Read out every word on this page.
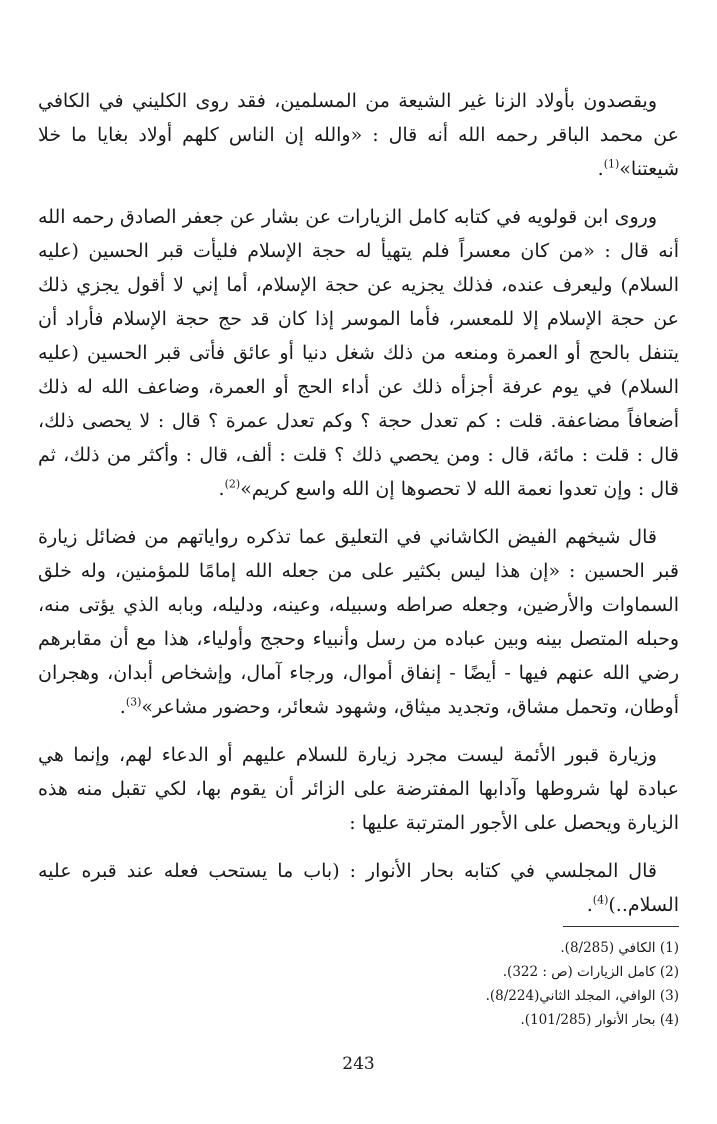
ويقصدون بأولاد الزنا غير الشيعة من المسلمين، فقد روى الكليني في الكافي عن محمد الباقر رحمه الله أنه قال : «والله إن الناس كلهم أولاد بغايا ما خلا شيعتنا»$^{(1)}$.

وروى ابن قولويه في كتابه كامل الزيارات عن بشار عن جعفر الصادق رحمه الله أنه قال : «من كان معسراً فلم يتهيأ له حجة الإسلام فليأت قبر الحسين (عليه السلام) وليعرف عنده، فذلك يجزيه عن حجة الإسلام، أما إني لا أقول يجزي ذلك عن حجة الإسلام إلا للمعسر، فأما الموسر إذا كان قد حج حجة الإسلام فأراد أن يتنفل بالحج أو العمرة ومنعه من ذلك شغل دنيا أو عائق فأتى قبر الحسين (عليه السلام) في يوم عرفة أجزأه ذلك عن أداء الحج أو العمرة، وضاعف الله له ذلك أضعافاً مضاعفة. قلت : كم تعدل حجة ؟ وكم تعدل عمرة ؟ قال : لا يحصى ذلك، قال : قلت : مائة، قال : ومن يحصي ذلك ؟ قلت : ألف، قال : وأكثر من ذلك، ثم قال : وإن تعدوا نعمة الله لا تحصوها إن الله واسع كريم»$^{(2)}$.

قال شيخهم الفيض الكاشاني في التعليق عما تذكره رواياتهم من فضائل زيارة قبر الحسين : «إن هذا ليس بكثير على من جعله الله إمامًا للمؤمنين، وله خلق السماوات والأرضين، وجعله صراطه وسبيله، وعينه، ودليله، وبابه الذي يؤتى منه، وحبله المتصل بينه وبين عباده من رسل وأنبياء وحجج وأولياء، هذا مع أن مقابرهم رضي الله عنهم فيها - أيضًا - إنفاق أموال، ورجاء آمال، وإشخاص أبدان، وهجران أوطان، وتحمل مشاق، وتجديد ميثاق، وشهود شعائر، وحضور مشاعر»$^{(3)}$.

وزيارة قبور الأئمة ليست مجرد زيارة للسلام عليهم أو الدعاء لهم، وإنما هي عبادة لها شروطها وآدابها المفترضة على الزائر أن يقوم بها، لكي تقبل منه هذه الزيارة ويحصل على الأجور المترتبة عليها :

قال المجلسي في كتابه بحار الأنوار : (باب ما يستحب فعله عند قبره عليه السلام..)$^{(4)}$.

(1) الكافي (8/285).
(2) كامل الزيارات (ص : 322).
(3) الوافي، المجلد الثاني(8/224).
(4) بحار الأنوار (101/285).
243
